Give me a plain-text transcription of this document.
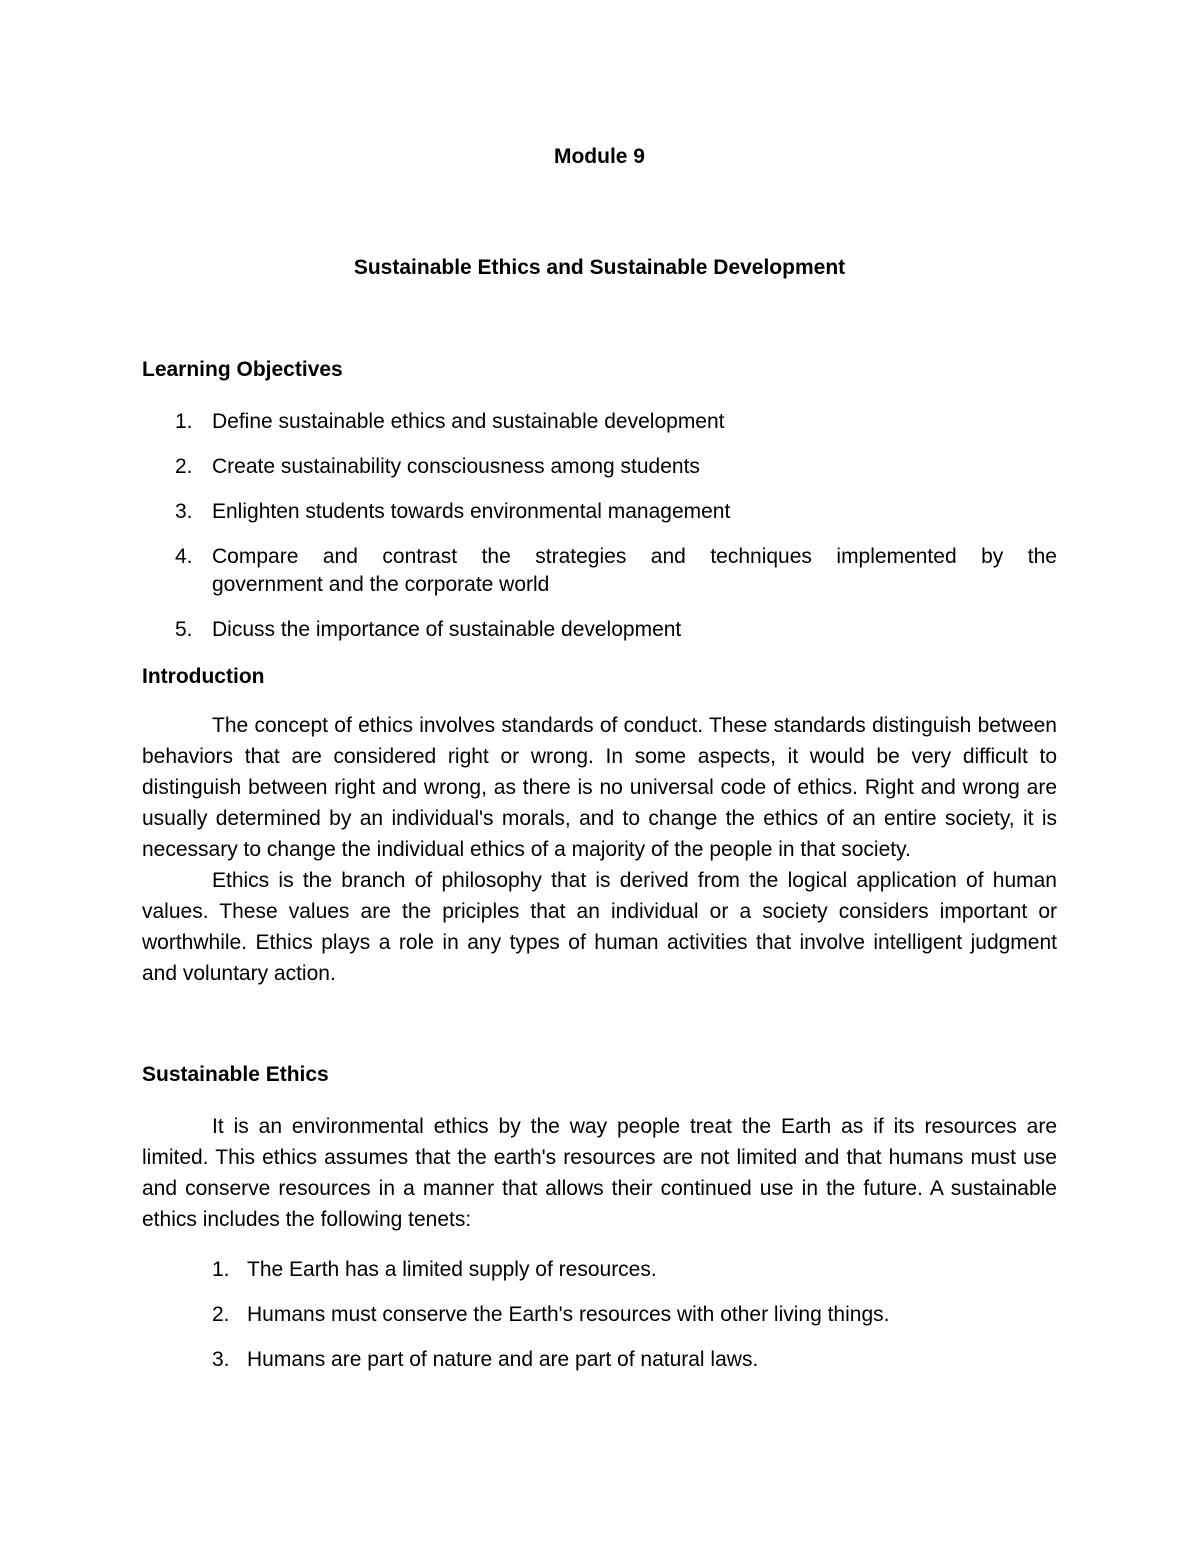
Module 9

Sustainable Ethics and Sustainable Development

Learning Objectives
1. Define sustainable ethics and sustainable development
2. Create sustainability consciousness among students
3. Enlighten students towards environmental management
4. Compare and contrast the strategies and techniques implemented by the
government and the corporate world
5. Dicuss the importance of sustainable development
Introduction

The concept of ethics involves standards of conduct. These standards distinguish between behaviors that are considered right or wrong. In some aspects, it would be very difficult to distinguish between right and wrong, as there is no universal code of ethics. Right and wrong are usually determined by an individual's morals, and to change the ethics of an entire society, it is necessary to change the individual ethics of a majority of the people in that society.

Ethics is the branch of philosophy that is derived from the logical application of human values. These values are the priciples that an individual or a society considers important or worthwhile. Ethics plays a role in any types of human activities that involve intelligent judgment and voluntary action.

Sustainable Ethics

It is an environmental ethics by the way people treat the Earth as if its resources are limited. This ethics assumes that the earth's resources are not limited and that humans must use and conserve resources in a manner that allows their continued use in the future. A sustainable ethics includes the following tenets:

1. The Earth has a limited supply of resources.
2. Humans must conserve the Earth's resources with other living things.
3. Humans are part of nature and are part of natural laws.
